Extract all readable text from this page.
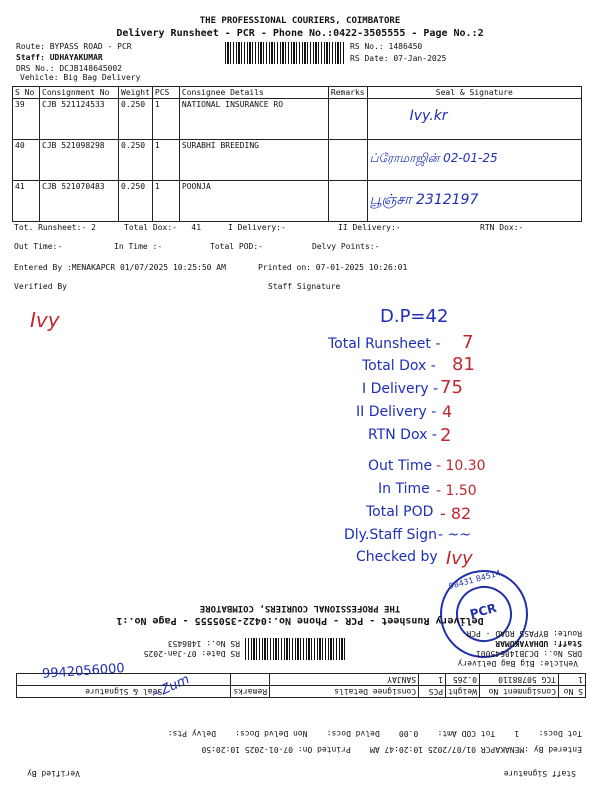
THE PROFESSIONAL COURIERS, COIMBATORE
Delivery Runsheet - PCR - Phone No.:0422-3505555 - Page No.:2
Route: BYPASS ROAD - PCR
Staff: UDHAYAKUMAR
DRS No.: DCJB148645002
Vehicle: Big Bag Delivery
RS No.: 1486450
RS Date: 07-Jan-2025
S No	Consignment No	Weight	PCS	Consignee Details	Remarks	Seal & Signature
39	CJB 521124533	0.250	1	NATIONAL INSURANCE RO		Ivy.kr
40	CJB 521098298	0.250	1	SURABHI BREEDING		ப்ரோமாஜின் 02-01-25
41	CJB 521070483	0.250	1	POONJA		பூஞ்சா 2312197
Tot. Runsheet:- 2	Total Dox:-   41	I Delivery:-	II Delivery:-	RTN Dox:-
Out Time:-	In Time :-	Total POD:-	Delvy Points:-
Entered By :MENAKAPCR 01/07/2025 10:25:50 AM	Printed on: 07-01-2025 10:26:01
Verified By	Staff Signature
Ivy	D.P=42
Total Runsheet - 7
Total Dox - 81
I Delivery - 75
II Delivery - 4
RTN Dox - 2
Out Time - 10.30
In Time - 1.50
Total POD - 82
Dly.Staff Sign - ~~
Checked by Ivy
PCR
98431 84514
THE PROFESSIONAL COURIERS, COIMBATORE
Delivery Runsheet - PCR - Phone No.:0422-3505555 - Page No.:1
Route: BYPASS ROAD - PCR
Staff: UDHAYAKUMAR
DRS No.: DCJB148645001
Vehicle: Big Bag Delivery
RS No.: 1486453
RS Date: 07-Jan-2025
S No	Consignment No	Weight	PCS	Consignee Details	Remarks	Seal & Signature
1	TCG 50788110	0.265	1	SANJAY		
Tot Docs:    1    Tot COD Amt:    0.00    Delvd Docs:    Non Delvd Docs:    Delvy Pts:
Entered By :MENAKAPCR 01/07/2025 10:20:47 AM    Printed On: 07-01-2025 10:20:50
Staff Signature
Verified By
9942056000
~Zum
